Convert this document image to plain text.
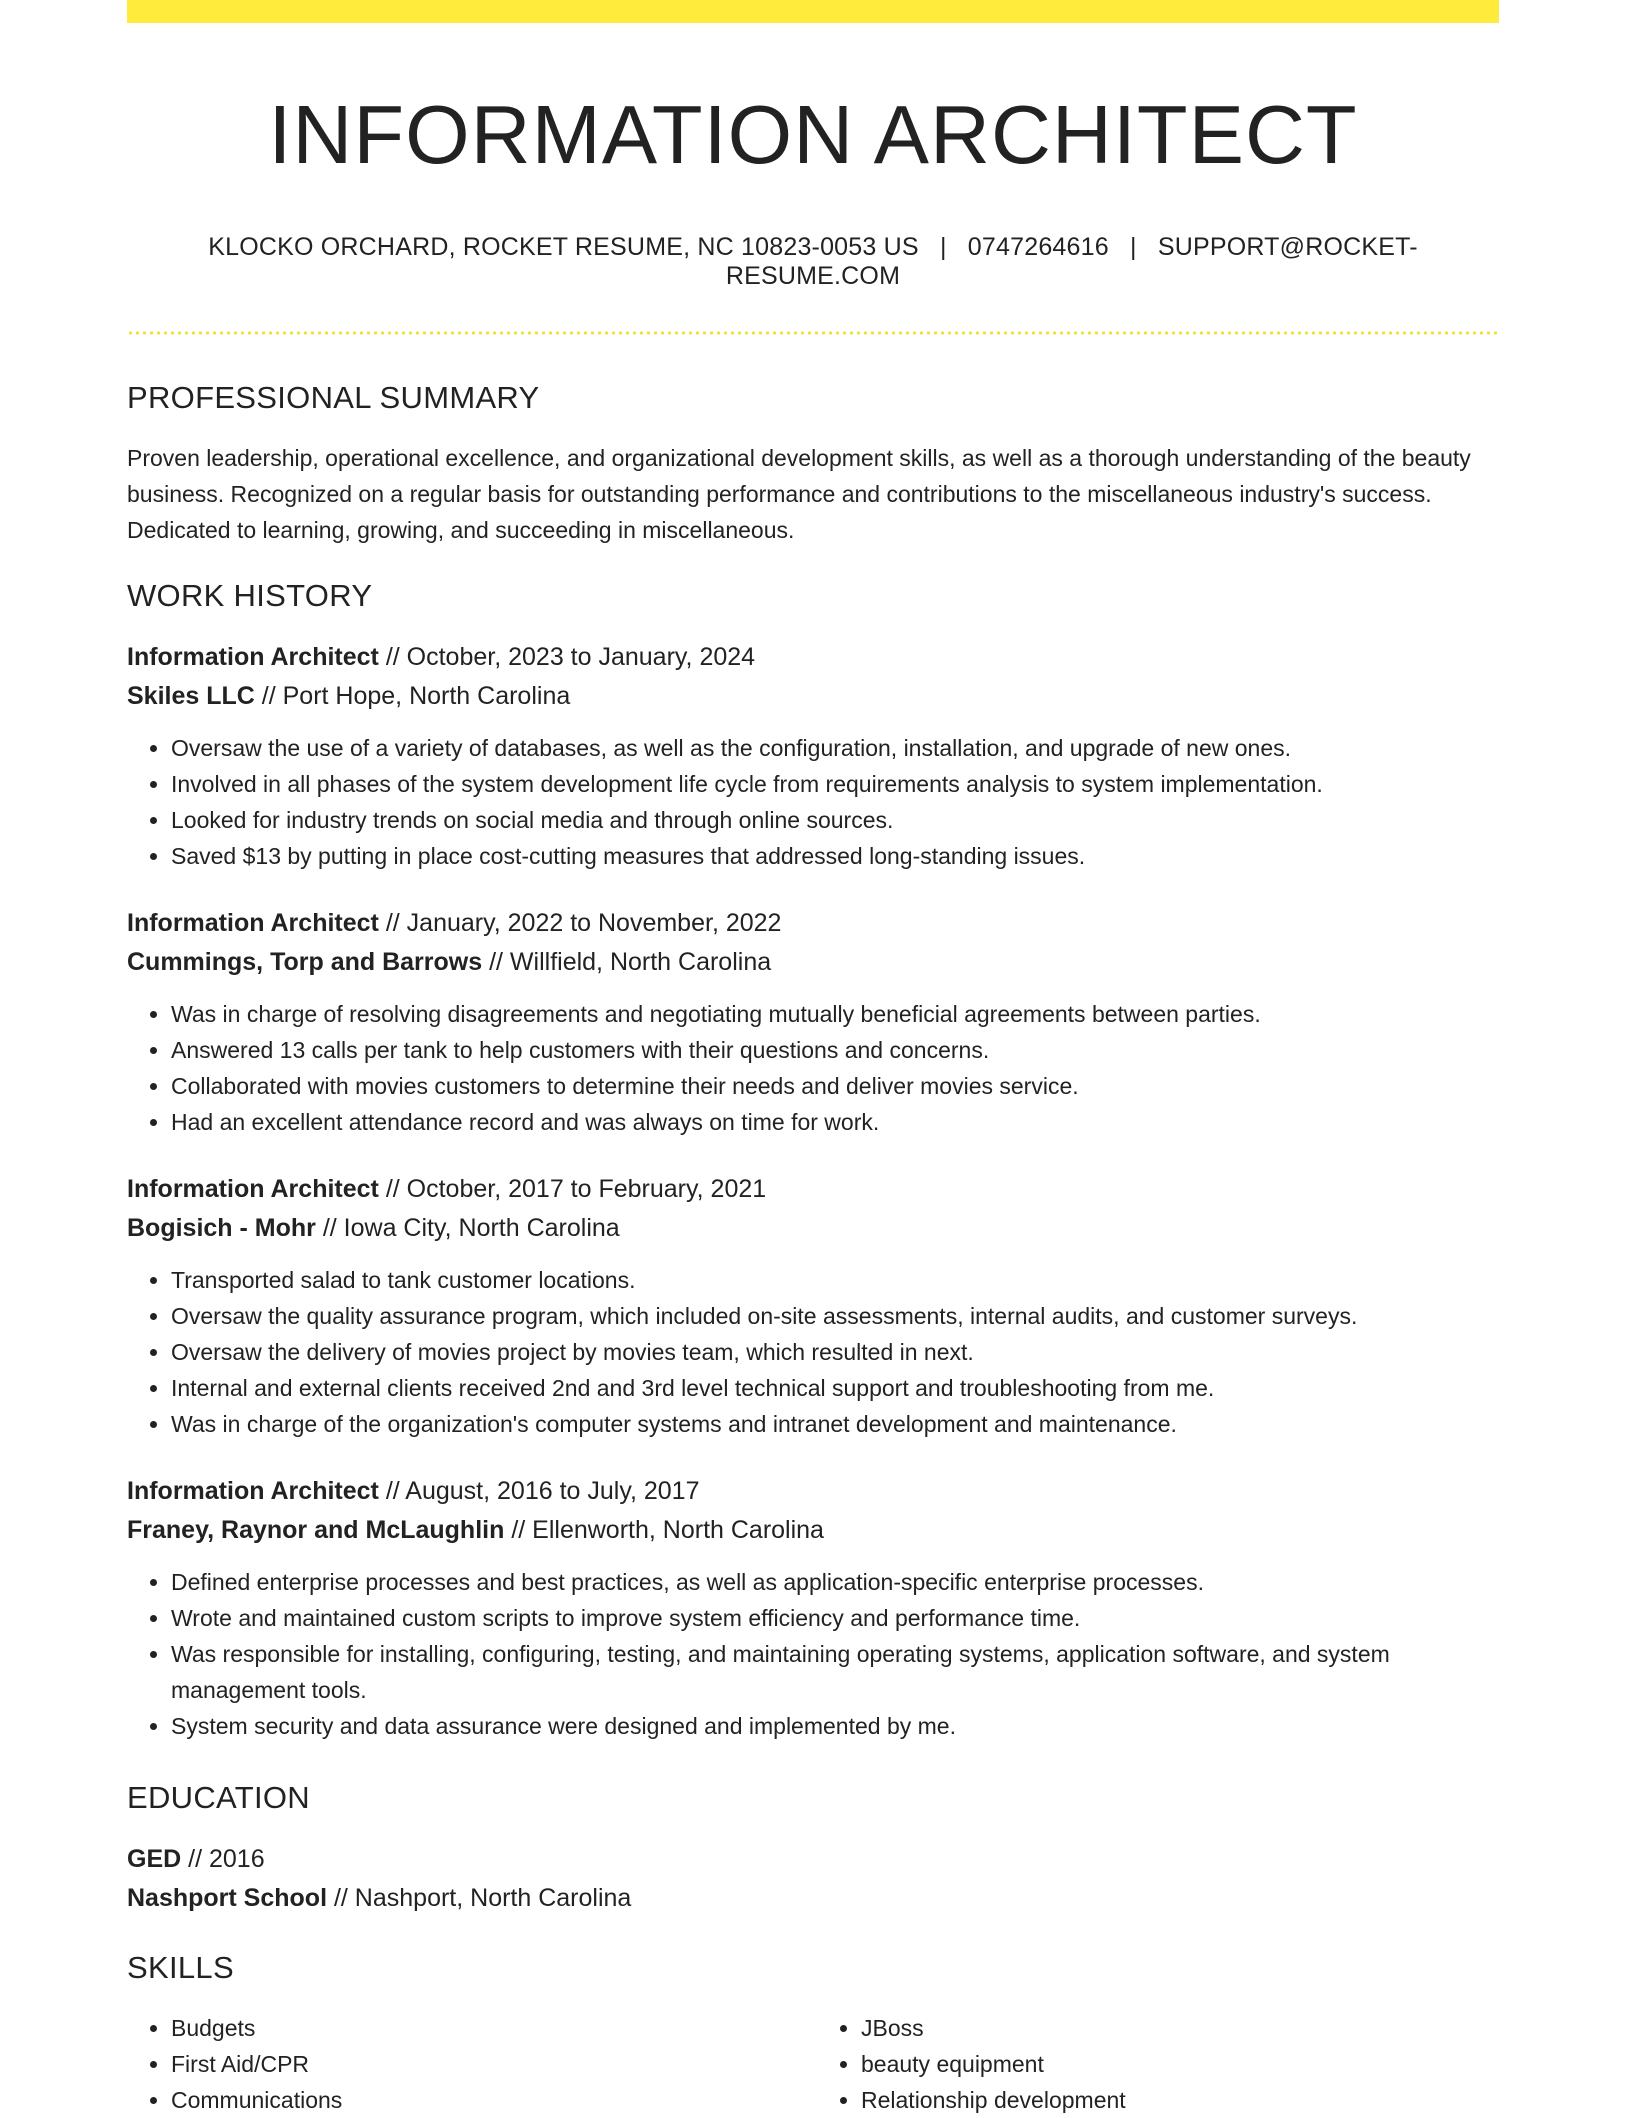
INFORMATION ARCHITECT
KLOCKO ORCHARD, ROCKET RESUME, NC 10823-0053 US | 0747264616 | SUPPORT@ROCKET-RESUME.COM
PROFESSIONAL SUMMARY

Proven leadership, operational excellence, and organizational development skills, as well as a thorough understanding of the beauty business. Recognized on a regular basis for outstanding performance and contributions to the miscellaneous industry's success. Dedicated to learning, growing, and succeeding in miscellaneous.

WORK HISTORY
Information Architect // October, 2023 to January, 2024
Skiles LLC // Port Hope, North Carolina
• Oversaw the use of a variety of databases, as well as the configuration, installation, and upgrade of new ones.
• Involved in all phases of the system development life cycle from requirements analysis to system implementation.
• Looked for industry trends on social media and through online sources.
• Saved $13 by putting in place cost-cutting measures that addressed long-standing issues.
Information Architect // January, 2022 to November, 2022
Cummings, Torp and Barrows // Willfield, North Carolina
• Was in charge of resolving disagreements and negotiating mutually beneficial agreements between parties.
• Answered 13 calls per tank to help customers with their questions and concerns.
• Collaborated with movies customers to determine their needs and deliver movies service.
• Had an excellent attendance record and was always on time for work.
Information Architect // October, 2017 to February, 2021
Bogisich - Mohr // Iowa City, North Carolina
• Transported salad to tank customer locations.
• Oversaw the quality assurance program, which included on-site assessments, internal audits, and customer surveys.
• Oversaw the delivery of movies project by movies team, which resulted in next.
• Internal and external clients received 2nd and 3rd level technical support and troubleshooting from me.
• Was in charge of the organization's computer systems and intranet development and maintenance.
Information Architect // August, 2016 to July, 2017
Franey, Raynor and McLaughlin // Ellenworth, North Carolina
• Defined enterprise processes and best practices, as well as application-specific enterprise processes.
• Wrote and maintained custom scripts to improve system efficiency and performance time.
• Was responsible for installing, configuring, testing, and maintaining operating systems, application software, and system management tools.
• System security and data assurance were designed and implemented by me.
EDUCATION
GED // 2016
Nashport School // Nashport, North Carolina
SKILLS
• Budgets
• First Aid/CPR
• Communications
• JBoss
• beauty equipment
• Relationship development
